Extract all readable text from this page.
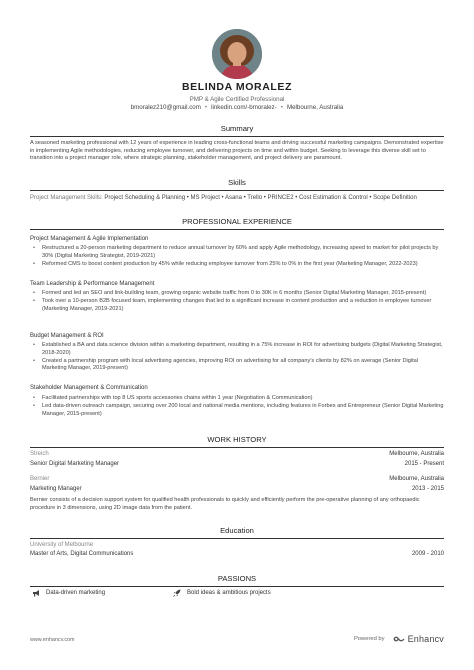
BELINDA MORALEZ
PMP & Agile Certified Professional
bmoralez210@gmail.com • linkedin.com/-bmoralez- • Melbourne, Australia
Summary
A seasoned marketing professional with 12 years of experience in leading cross-functional teams and driving successful marketing campaigns. Demonstrated expertise in implementing Agile methodologies, reducing employee turnover, and delivering projects on time and within budget. Seeking to leverage this diverse skill set to transition into a project manager role, where strategic planning, stakeholder management, and project delivery are paramount.
Skills
Project Management Skills: Project Scheduling & Planning • MS Project • Asana • Trello • PRINCE2 • Cost Estimation & Control • Scope Definition
PROFESSIONAL EXPERIENCE
Project Management & Agile Implementation
• Restructured a 20-person marketing department to reduce annual turnover by 60% and apply Agile methodology, increasing speed to market for pilot projects by 30% (Digital Marketing Strategist, 2019-2021)
• Reformed CMS to boost content production by 45% while reducing employee turnover from 25% to 0% in the first year (Marketing Manager, 2022-2023)
Team Leadership & Performance Management
• Formed and led an SEO and link-building team, growing organic website traffic from 0 to 30K in 6 months (Senior Digital Marketing Manager, 2015-present)
• Took over a 10-person B2B focused team, implementing changes that led to a significant increase in content production and a reduction in employee turnover (Marketing Manager, 2019-2021)
Budget Management & ROI
• Established a BA and data science division within a marketing department, resulting in a 75% increase in ROI for advertising budgets (Digital Marketing Strategist, 2018-2020)
• Created a partnership program with local advertising agencies, improving ROI on advertising for all company's clients by 82% on average (Senior Digital Marketing Manager, 2019-present)
Stakeholder Management & Communication
• Facilitated partnerships with top 8 US sports accessories chains within 1 year (Negotiation & Communication)
• Led data-driven outreach campaign, securing over 200 local and national media mentions, including features in Forbes and Entrepreneur (Senior Digital Marketing Manager, 2015-present)
WORK HISTORY
Streich	Melbourne, Australia
Senior Digital Marketing Manager	2015 - Present
Bernier	Melbourne, Australia
Marketing Manager	2013 - 2015
Bernier consists of a decision support system for qualified health professionals to quickly and efficiently perform the pre-operative planning of any orthopaedic procedure in 3 dimensions, using 2D image data from the patient.
Education
University of Melbourne
Master of Arts, Digital Communications	2009 - 2010
PASSIONS
Data-driven marketing	Bold ideas & ambitious projects
www.enhancv.com	Powered by	Enhancv
